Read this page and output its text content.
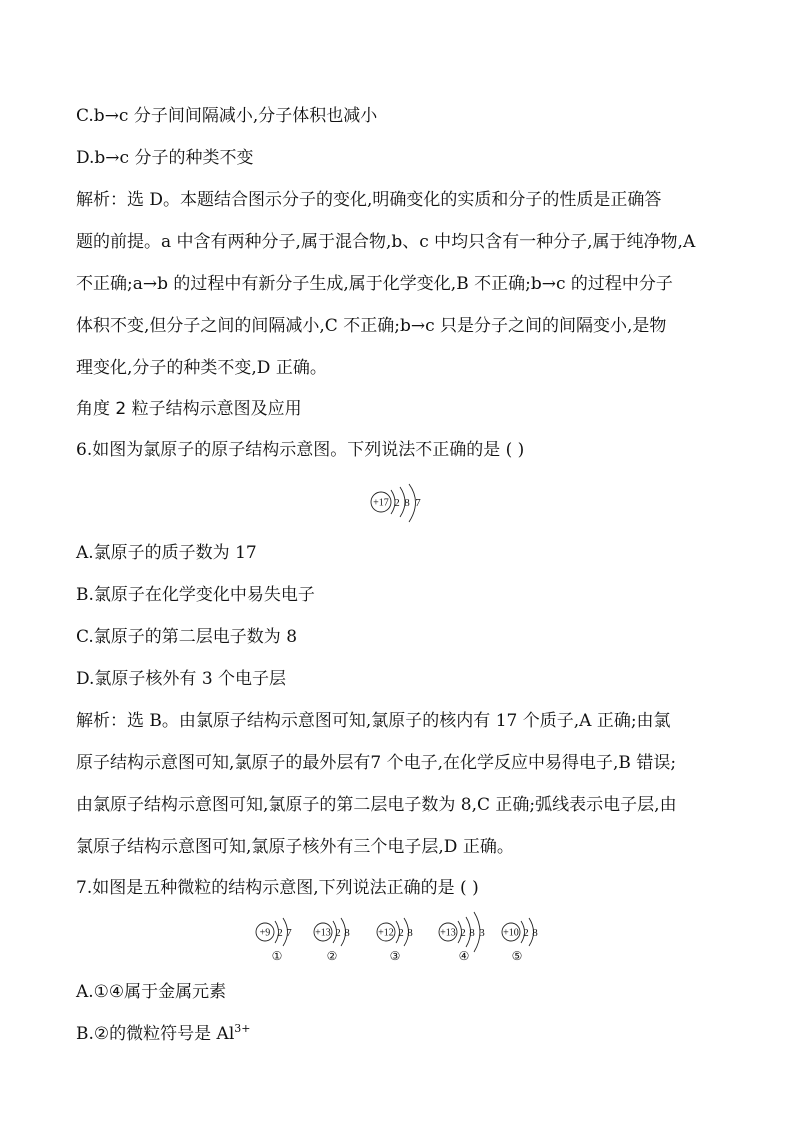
C.b→c 分子间间隔减小,分子体积也减小
D.b→c 分子的种类不变
解析：选 D。本题结合图示分子的变化,明确变化的实质和分子的性质是正确答
题的前提。a 中含有两种分子,属于混合物,b、c 中均只含有一种分子,属于纯净物,A
不正确;a→b 的过程中有新分子生成,属于化学变化,B 不正确;b→c 的过程中分子
体积不变,但分子之间的间隔减小,C 不正确;b→c 只是分子之间的间隔变小,是物
理变化,分子的种类不变,D 正确。
角度 2 粒子结构示意图及应用
6.如图为氯原子的原子结构示意图。下列说法不正确的是 ( )
+17 2 8 7
A.氯原子的质子数为 17
B.氯原子在化学变化中易失电子
C.氯原子的第二层电子数为 8
D.氯原子核外有 3 个电子层
解析：选 B。由氯原子结构示意图可知,氯原子的核内有 17 个质子,A 正确;由氯
原子结构示意图可知,氯原子的最外层有7 个电子,在化学反应中易得电子,B 错误;
由氯原子结构示意图可知,氯原子的第二层电子数为 8,C 正确;弧线表示电子层,由
氯原子结构示意图可知,氯原子核外有三个电子层,D 正确。
7.如图是五种微粒的结构示意图,下列说法正确的是 ( )
+9 2 7
①
+13 2 8
②
+12 2 8
③
+13 2 8 3
④
+10 2 8
⑤
A.①④属于金属元素
B.②的微粒符号是 $Al^{3+}$
